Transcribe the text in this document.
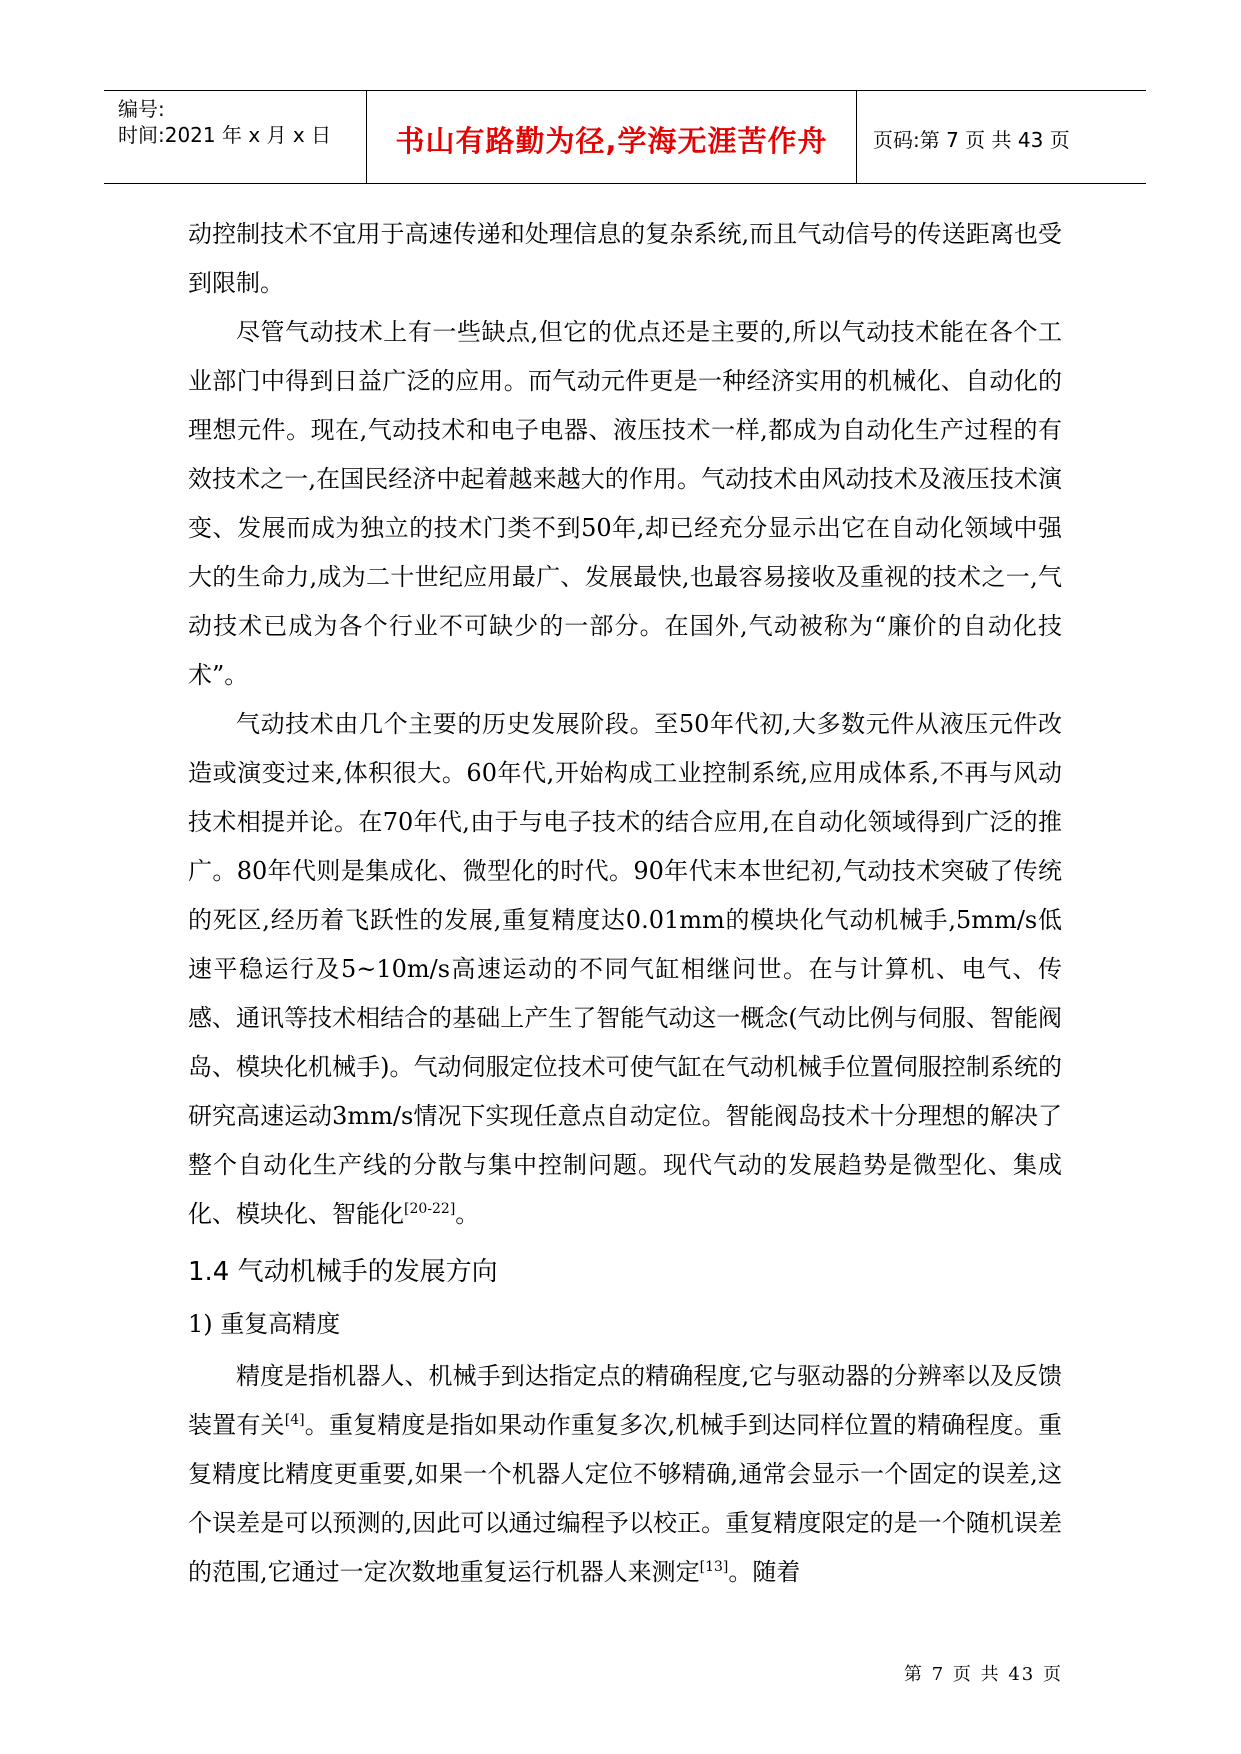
编号:
时间:2021 年 x 月 x 日	书山有路勤为径,学海无涯苦作舟	页码:第 7 页 共 43 页

动控制技术不宜用于高速传递和处理信息的复杂系统,而且气动信号的传送距离也受到限制。

尽管气动技术上有一些缺点,但它的优点还是主要的,所以气动技术能在各个工业部门中得到日益广泛的应用。而气动元件更是一种经济实用的机械化、自动化的理想元件。现在,气动技术和电子电器、液压技术一样,都成为自动化生产过程的有效技术之一,在国民经济中起着越来越大的作用。气动技术由风动技术及液压技术演变、发展而成为独立的技术门类不到50年,却已经充分显示出它在自动化领域中强大的生命力,成为二十世纪应用最广、发展最快,也最容易接收及重视的技术之一,气动技术已成为各个行业不可缺少的一部分。在国外,气动被称为“廉价的自动化技术”。

气动技术由几个主要的历史发展阶段。至50年代初,大多数元件从液压元件改造或演变过来,体积很大。60年代,开始构成工业控制系统,应用成体系,不再与风动技术相提并论。在70年代,由于与电子技术的结合应用,在自动化领域得到广泛的推广。80年代则是集成化、微型化的时代。90年代末本世纪初,气动技术突破了传统的死区,经历着飞跃性的发展,重复精度达0.01mm的模块化气动机械手,5mm/s低速平稳运行及5~10m/s高速运动的不同气缸相继问世。在与计算机、电气、传感、通讯等技术相结合的基础上产生了智能气动这一概念(气动比例与伺服、智能阀岛、模块化机械手)。气动伺服定位技术可使气缸在气动机械手位置伺服控制系统的研究高速运动3mm/s情况下实现任意点自动定位。智能阀岛技术十分理想的解决了整个自动化生产线的分散与集中控制问题。现代气动的发展趋势是微型化、集成化、模块化、智能化[20-22]。

1.4 气动机械手的发展方向
1) 重复高精度

精度是指机器人、机械手到达指定点的精确程度,它与驱动器的分辨率以及反馈装置有关[4]。重复精度是指如果动作重复多次,机械手到达同样位置的精确程度。重复精度比精度更重要,如果一个机器人定位不够精确,通常会显示一个固定的误差,这个误差是可以预测的,因此可以通过编程予以校正。重复精度限定的是一个随机误差的范围,它通过一定次数地重复运行机器人来测定[13]。随着

第 7 页 共 43 页
